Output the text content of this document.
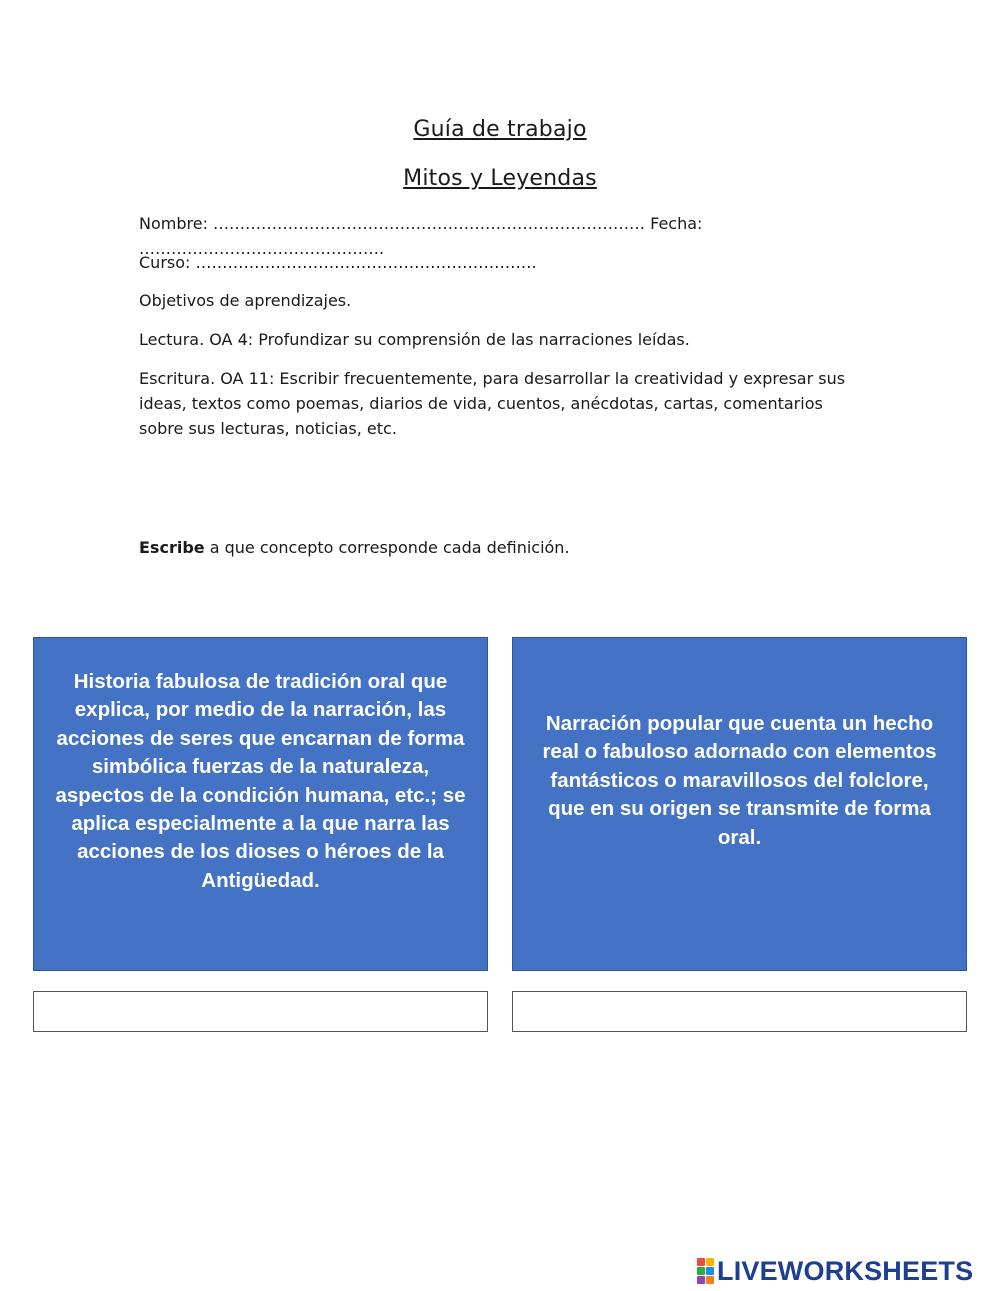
Guía de trabajo
Mitos y Leyendas
Nombre: ……………………………………………………………………… Fecha: ……………………………………….
Curso: ……………………………………………………….
Objetivos de aprendizajes.
Lectura. OA 4: Profundizar su comprensión de las narraciones leídas.
Escritura. OA 11: Escribir frecuentemente, para desarrollar la creatividad y expresar sus ideas, textos como poemas, diarios de vida, cuentos, anécdotas, cartas, comentarios sobre sus lecturas, noticias, etc.
Escribe a que concepto corresponde cada definición.
Historia fabulosa de tradición oral que explica, por medio de la narración, las acciones de seres que encarnan de forma simbólica fuerzas de la naturaleza, aspectos de la condición humana, etc.; se aplica especialmente a la que narra las acciones de los dioses o héroes de la Antigüedad.
Narración popular que cuenta un hecho real o fabuloso adornado con elementos fantásticos o maravillosos del folclore, que en su origen se transmite de forma oral.
LIVEWORKSHEETS
